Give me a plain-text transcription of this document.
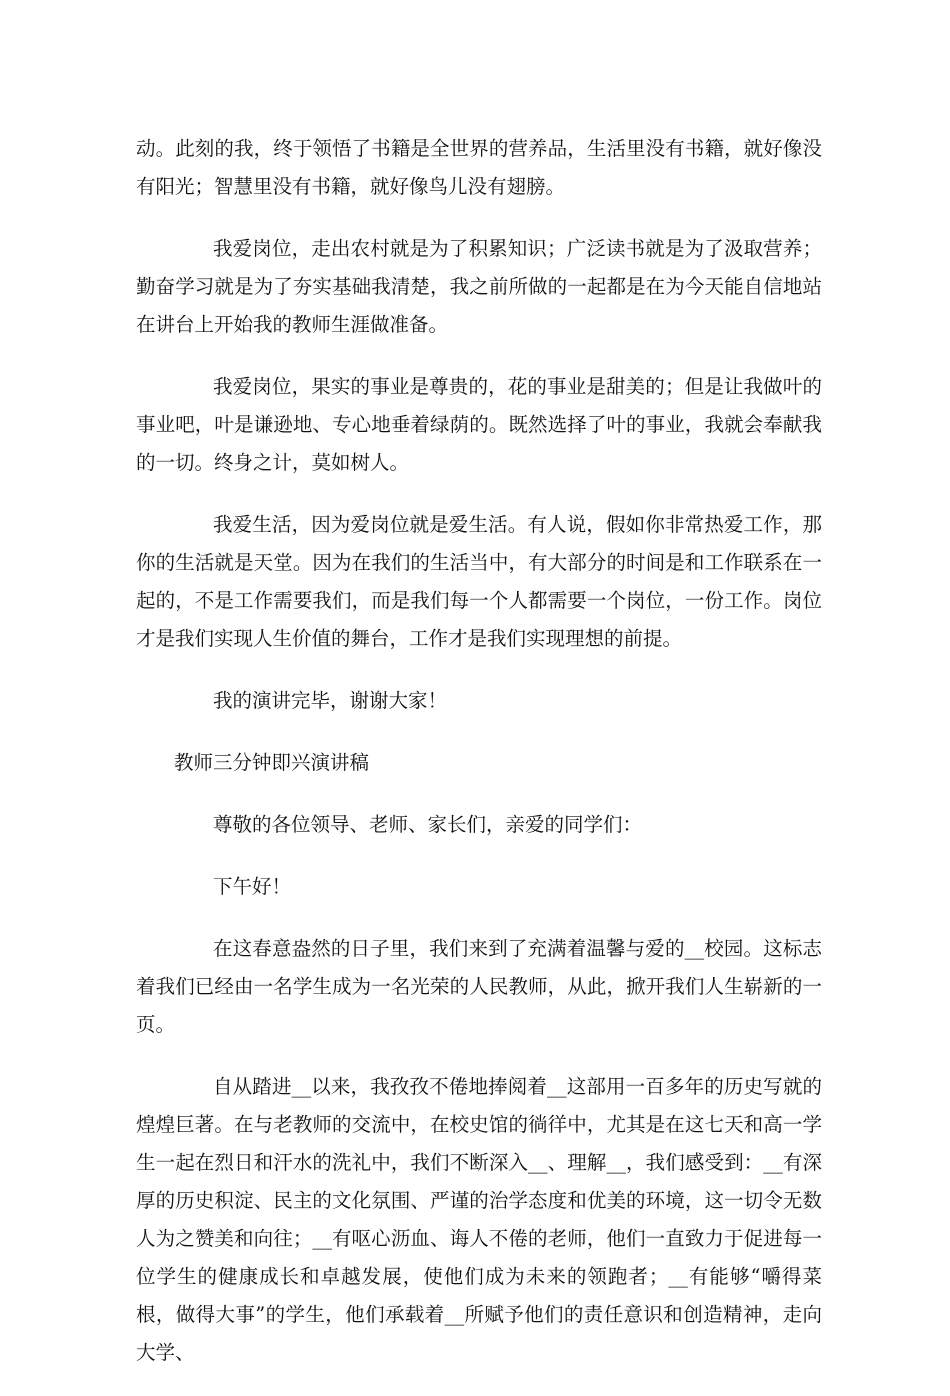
动。此刻的我，终于领悟了书籍是全世界的营养品，生活里没有书籍，就好像没有阳光；智慧里没有书籍，就好像鸟儿没有翅膀。

我爱岗位，走出农村就是为了积累知识；广泛读书就是为了汲取营养；勤奋学习就是为了夯实基础我清楚，我之前所做的一起都是在为今天能自信地站在讲台上开始我的教师生涯做准备。

我爱岗位，果实的事业是尊贵的，花的事业是甜美的；但是让我做叶的事业吧，叶是谦逊地、专心地垂着绿荫的。既然选择了叶的事业，我就会奉献我的一切。终身之计，莫如树人。

我爱生活，因为爱岗位就是爱生活。有人说，假如你非常热爱工作，那你的生活就是天堂。因为在我们的生活当中，有大部分的时间是和工作联系在一起的，不是工作需要我们，而是我们每一个人都需要一个岗位，一份工作。岗位才是我们实现人生价值的舞台，工作才是我们实现理想的前提。

我的演讲完毕，谢谢大家！

教师三分钟即兴演讲稿

尊敬的各位领导、老师、家长们，亲爱的同学们：

下午好！

在这春意盎然的日子里，我们来到了充满着温馨与爱的__校园。这标志着我们已经由一名学生成为一名光荣的人民教师，从此，掀开我们人生崭新的一页。

自从踏进__以来，我孜孜不倦地捧阅着__这部用一百多年的历史写就的煌煌巨著。在与老教师的交流中，在校史馆的徜徉中，尤其是在这七天和高一学生一起在烈日和汗水的洗礼中，我们不断深入__、理解__，我们感受到：__有深厚的历史积淀、民主的文化氛围、严谨的治学态度和优美的环境，这一切令无数人为之赞美和向往；__有呕心沥血、诲人不倦的老师，他们一直致力于促进每一位学生的健康成长和卓越发展，使他们成为未来的领跑者；__有能够“嚼得菜根，做得大事”的学生，他们承载着__所赋予他们的责任意识和创造精神，走向大学、
